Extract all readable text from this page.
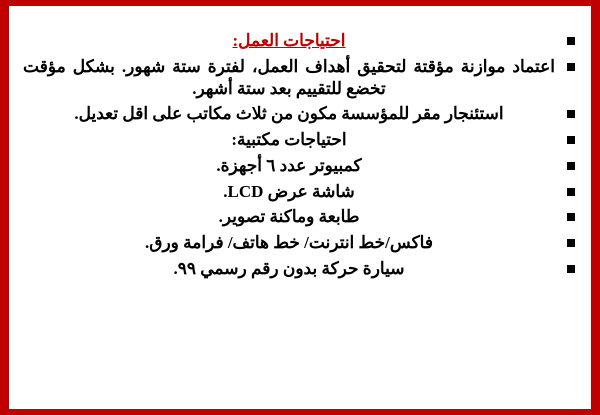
احتياجات العمل:
اعتماد موازنة مؤقتة لتحقيق أهداف العمل، لفترة ستة شهور. بشكل مؤقت تخضع للتقييم بعد ستة أشهر.
استئنجار مقر للمؤسسة مكون من ثلاث مكاتب على اقل تعديل.
احتياجات مكتبية:
كمبيوتر عدد ٦ أجهزة.
شاشة عرض LCD.
طابعة وماكنة تصوير.
فاكس/خط انترنت/ خط هاتف/ فرامة ورق.
سيارة حركة بدون رقم رسمي ٩٩.
